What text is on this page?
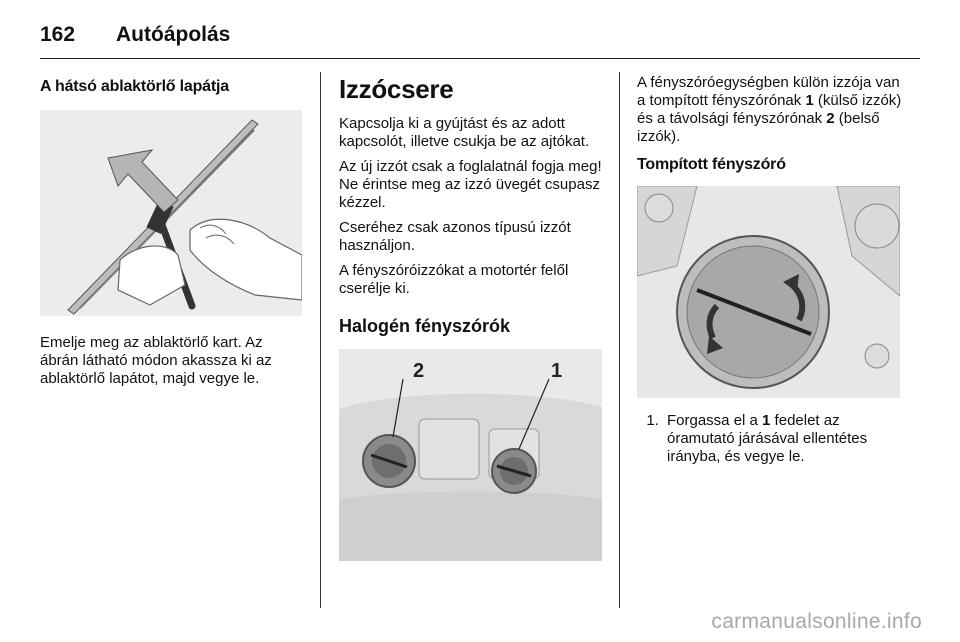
162	Autóápolás
A hátsó ablaktörlő lapátja

Emelje meg az ablaktörlő kart. Az ábrán látható módon akassza ki az ablaktörlő lapátot, majd vegye le.

Izzócsere

Kapcsolja ki a gyújtást és az adott kapcsolót, illetve csukja be az ajtókat.

Az új izzót csak a foglalatnál fogja meg! Ne érintse meg az izzó üvegét csupasz kézzel.

Cseréhez csak azonos típusú izzót használjon.

A fényszóróizzókat a motortér felől cserélje ki.

Halogén fényszórók
2	1

A fényszóróegységben külön izzója van a tompított fényszórónak 1 (külső izzók) és a távolsági fényszórónak 2 (belső izzók).

Tompított fényszóró
1. Forgassa el a 1 fedelet az óramutató járásával ellentétes irányba, és vegye le.
carmanualsonline.info
